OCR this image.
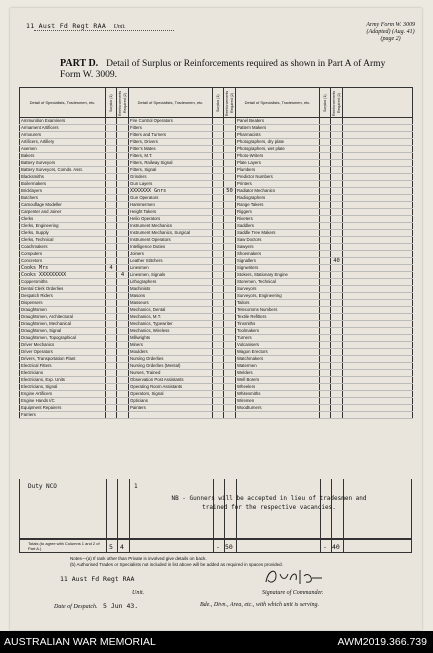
11 Aust Fd Regt RAA Unit.	Army Form W. 3009
(Adapted) (Aug. 41)
(page 2)
PART D. Detail of Surplus or Reinforcements required as shown in Part A of Army Form W. 3009.
Detail of Specialists, Tradesmen, etc.	Surplus (1)	Reinforcements Required (2)	Detail of Specialists, Tradesmen, etc.	Surplus (1)	Reinforcements Required (2)	Detail of Specialists, Tradesmen, etc.	Surplus (1)	Reinforcements Required (2)	
Ammunition Examiners			Fire Control Operators			Panel Beaters			
Armament Artificers			Fitters			Pattern Makers			
Armourers			Fitters and Turners			Pharmacists			
Artificers, Artillery			Fitters, Drivers			Photographers, dry plate			
Axemen			Fitter's Mates			Photographers, wet plate			
Bakers			Fitters, M.T.			Photo-Writers			
Battery Surveyors			Fitters, Railway Signal			Plate Layers			
Battery Surveyors, Comds. Asst.			Fitters, Signal			Plumbers			
Blacksmiths			Grinders			Predictor Numbers			
Boilermakers			Gun Layers			Printers			
Bricklayers			XXXXXXX Gnrs		50	Radiator Mechanics			
Butchers			Gun Operators			Radiographers			
Camouflage Modeller			Hammermen			Range Takers			
Carpenter and Joiner			Height Takers			Riggers			
Clerks			Helio Operators			Riveters			
Clerks, Engineering			Instrument Mechanics			Saddlers			
Clerks, Supply			Instrument Mechanics, Surgical			Saddle Tree Makers			
Clerks, Technical			Instrument Operators			Saw Doctors			
Coachmakers			Intelligence Duties			Sawyers			
Computers			Joiners			Shoemakers			
Concretors			Leather Stitchers			Signallers		40	
Cooks Mrs	4		Linesmen			Signwriters			
Cooks XXXXXXXXX		4	Linesmen, Signals			Stokers, Stationary Engine			
Coppersmiths			Lithographers			Storemen, Technical			
Dental Clerk Orderlies			Machinists			Surveyors			
Despatch Riders			Masons			Surveyors, Engineering			
Dispensers			Masseurs			Tailors			
Draughtsmen			Mechanics, Dental			Telecomms Numbers			
Draughtsmen, Architectural			Mechanics, M.T.			Textile Refitters			
Draughtsmen, Mechanical			Mechanics, Typewriter			Tinsmiths			
Draughtsmen, Signal			Mechanics, Wireless			Toolmakers			
Draughtsmen, Topographical			Millwrights			Turners			
Driver Mechanics			Miners			Vulcanisers			
Driver Operators			Moulders			Wagon Erectors			
Drivers, Transportation Plant			Nursing Orderlies			Watchmakers			
Electrical Fitters			Nursing Orderlies (Mental)			Watermen			
Electricians			Nurses, Trained			Welders			
Electricians, Exp. Units			Observation Post Assistants			Well Borers			
Electricians, Signal			Operating Room Assistants			Wheelers			
Engine Artificers			Operators, Signal			Whitesmiths			
Engine Hands I/C			Opticians			Wiremen			
Equipment Repairers			Painters			Woodturners			
Farriers									
Duty NCO	1
NB - Gunners will be accepted in lieu of tradesmen and trained for the respective vacancies.
Totals (to agree with Columns 1 and 2 of Part A.)	5 4	- 50	- 40
Notes—(a) If rank other than Private is involved give details on back.
(b) Authorised Trades or Specialists not included in list above will be added as required in spaces provided.
11 Aust Fd Regt RAA
Unit.	Signature of Commander.
Date of Despatch. 5 Jun 43.	Bde., Divn., Area, etc., with which unit is serving.
AUSTRALIAN WAR MEMORIAL	AWM2019.366.739
